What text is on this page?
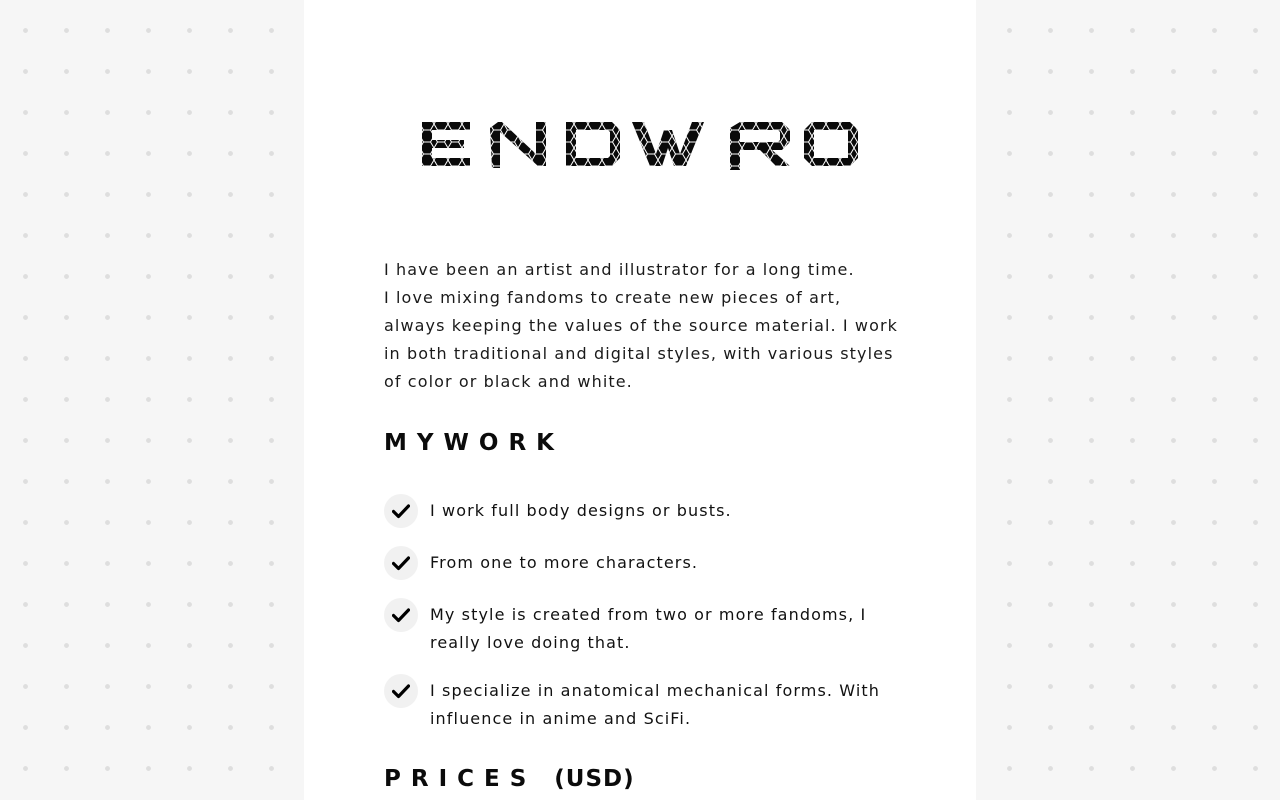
I have been an artist and illustrator for a long time.
I love mixing fandoms to create new pieces of art, always keeping the values of the source material. I work in both traditional and digital styles, with various styles of color or black and white.

MYWORK
I work full body designs or busts.
From one to more characters.
My style is created from two or more fandoms, I really love doing that.
I specialize in anatomical mechanical forms. With influence in anime and SciFi.
PRICES (USD)
